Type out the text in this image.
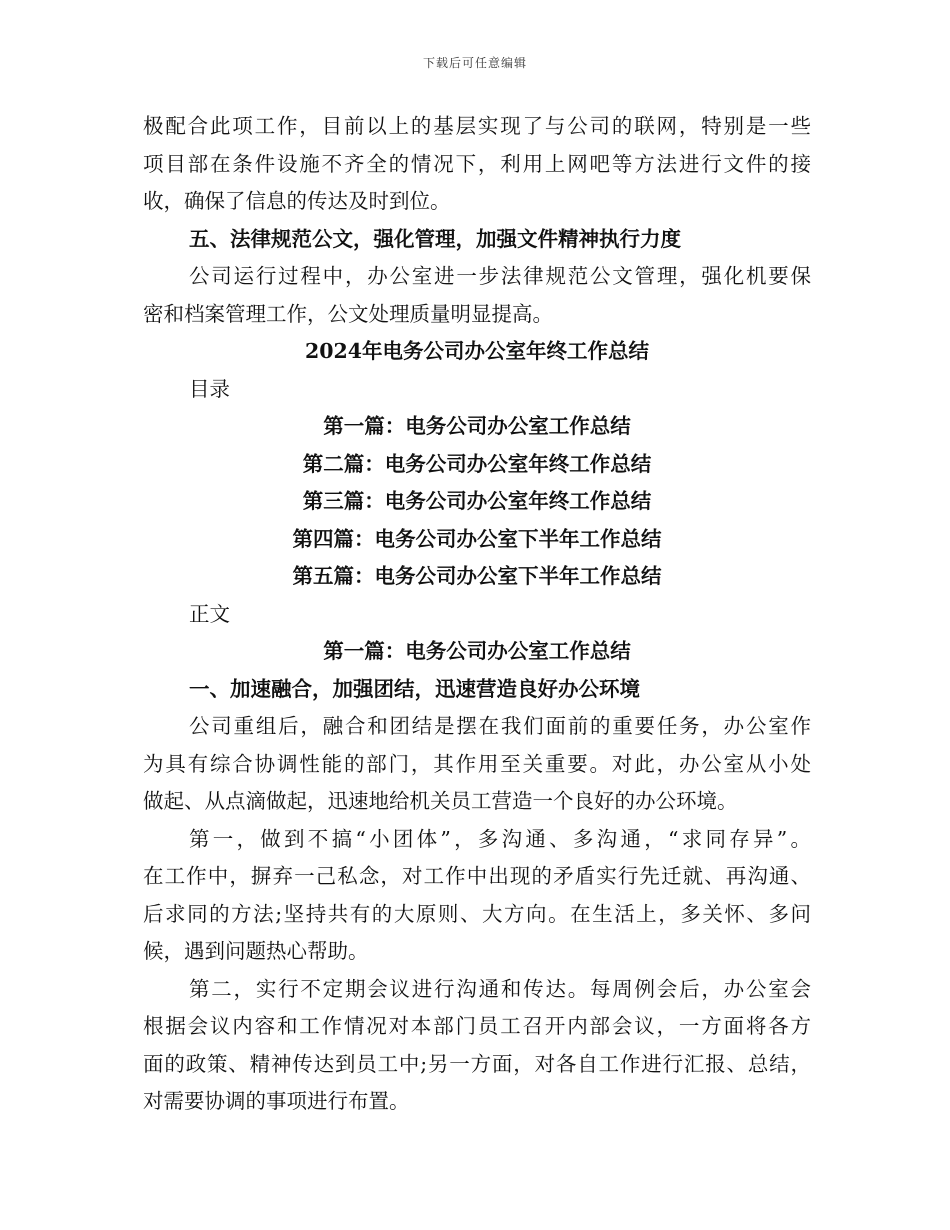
下载后可任意编辑
极配合此项工作，目前以上的基层实现了与公司的联网，特别是一些
项目部在条件设施不齐全的情况下，利用上网吧等方法进行文件的接
收，确保了信息的传达及时到位。
五、法律规范公文，强化管理，加强文件精神执行力度
公司运行过程中，办公室进一步法律规范公文管理，强化机要保
密和档案管理工作，公文处理质量明显提高。
2024年电务公司办公室年终工作总结
目录
第一篇：电务公司办公室工作总结
第二篇：电务公司办公室年终工作总结
第三篇：电务公司办公室年终工作总结
第四篇：电务公司办公室下半年工作总结
第五篇：电务公司办公室下半年工作总结
正文
第一篇：电务公司办公室工作总结
一、加速融合，加强团结，迅速营造良好办公环境
公司重组后，融合和团结是摆在我们面前的重要任务，办公室作
为具有综合协调性能的部门，其作用至关重要。对此，办公室从小处
做起、从点滴做起，迅速地给机关员工营造一个良好的办公环境。
第一，做到不搞“小团体”，多沟通、多沟通，“求同存异”。
在工作中，摒弃一己私念，对工作中出现的矛盾实行先迁就、再沟通、
后求同的方法;坚持共有的大原则、大方向。在生活上，多关怀、多问
候，遇到问题热心帮助。
第二，实行不定期会议进行沟通和传达。每周例会后，办公室会
根据会议内容和工作情况对本部门员工召开内部会议，一方面将各方
面的政策、精神传达到员工中;另一方面，对各自工作进行汇报、总结，
对需要协调的事项进行布置。
